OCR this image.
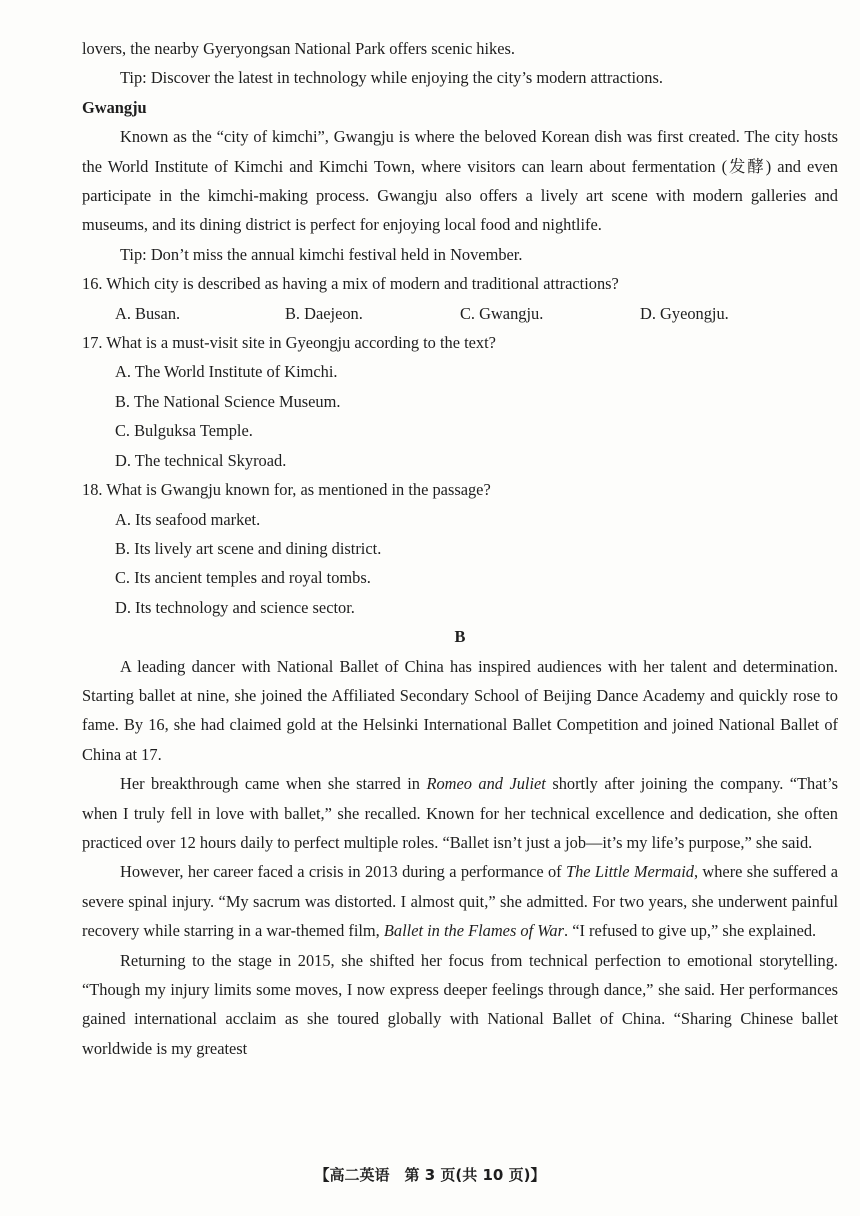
lovers, the nearby Gyeryongsan National Park offers scenic hikes.

Tip: Discover the latest in technology while enjoying the city’s modern attractions.

Gwangju

Known as the “city of kimchi”, Gwangju is where the beloved Korean dish was first created. The city hosts the World Institute of Kimchi and Kimchi Town, where visitors can learn about fermentation (发酵) and even participate in the kimchi-making process. Gwangju also offers a lively art scene with modern galleries and museums, and its dining district is perfect for enjoying local food and nightlife.

Tip: Don’t miss the annual kimchi festival held in November.

16. Which city is described as having a mix of modern and traditional attractions?

A. Busan.	B. Daejeon.	C. Gwangju.	D. Gyeongju.

17. What is a must-visit site in Gyeongju according to the text?

A. The World Institute of Kimchi.

B. The National Science Museum.

C. Bulguksa Temple.

D. The technical Skyroad.

18. What is Gwangju known for, as mentioned in the passage?

A. Its seafood market.

B. Its lively art scene and dining district.

C. Its ancient temples and royal tombs.

D. Its technology and science sector.

B

A leading dancer with National Ballet of China has inspired audiences with her talent and determination. Starting ballet at nine, she joined the Affiliated Secondary School of Beijing Dance Academy and quickly rose to fame. By 16, she had claimed gold at the Helsinki International Ballet Competition and joined National Ballet of China at 17.

Her breakthrough came when she starred in Romeo and Juliet shortly after joining the company. “That’s when I truly fell in love with ballet,” she recalled. Known for her technical excellence and dedication, she often practiced over 12 hours daily to perfect multiple roles. “Ballet isn’t just a job—it’s my life’s purpose,” she said.

However, her career faced a crisis in 2013 during a performance of The Little Mermaid, where she suffered a severe spinal injury. “My sacrum was distorted. I almost quit,” she admitted. For two years, she underwent painful recovery while starring in a war-themed film, Ballet in the Flames of War. “I refused to give up,” she explained.

Returning to the stage in 2015, she shifted her focus from technical perfection to emotional storytelling. “Though my injury limits some moves, I now express deeper feelings through dance,” she said. Her performances gained international acclaim as she toured globally with National Ballet of China. “Sharing Chinese ballet worldwide is my greatest

【高二英语　第 3 页(共 10 页)】
